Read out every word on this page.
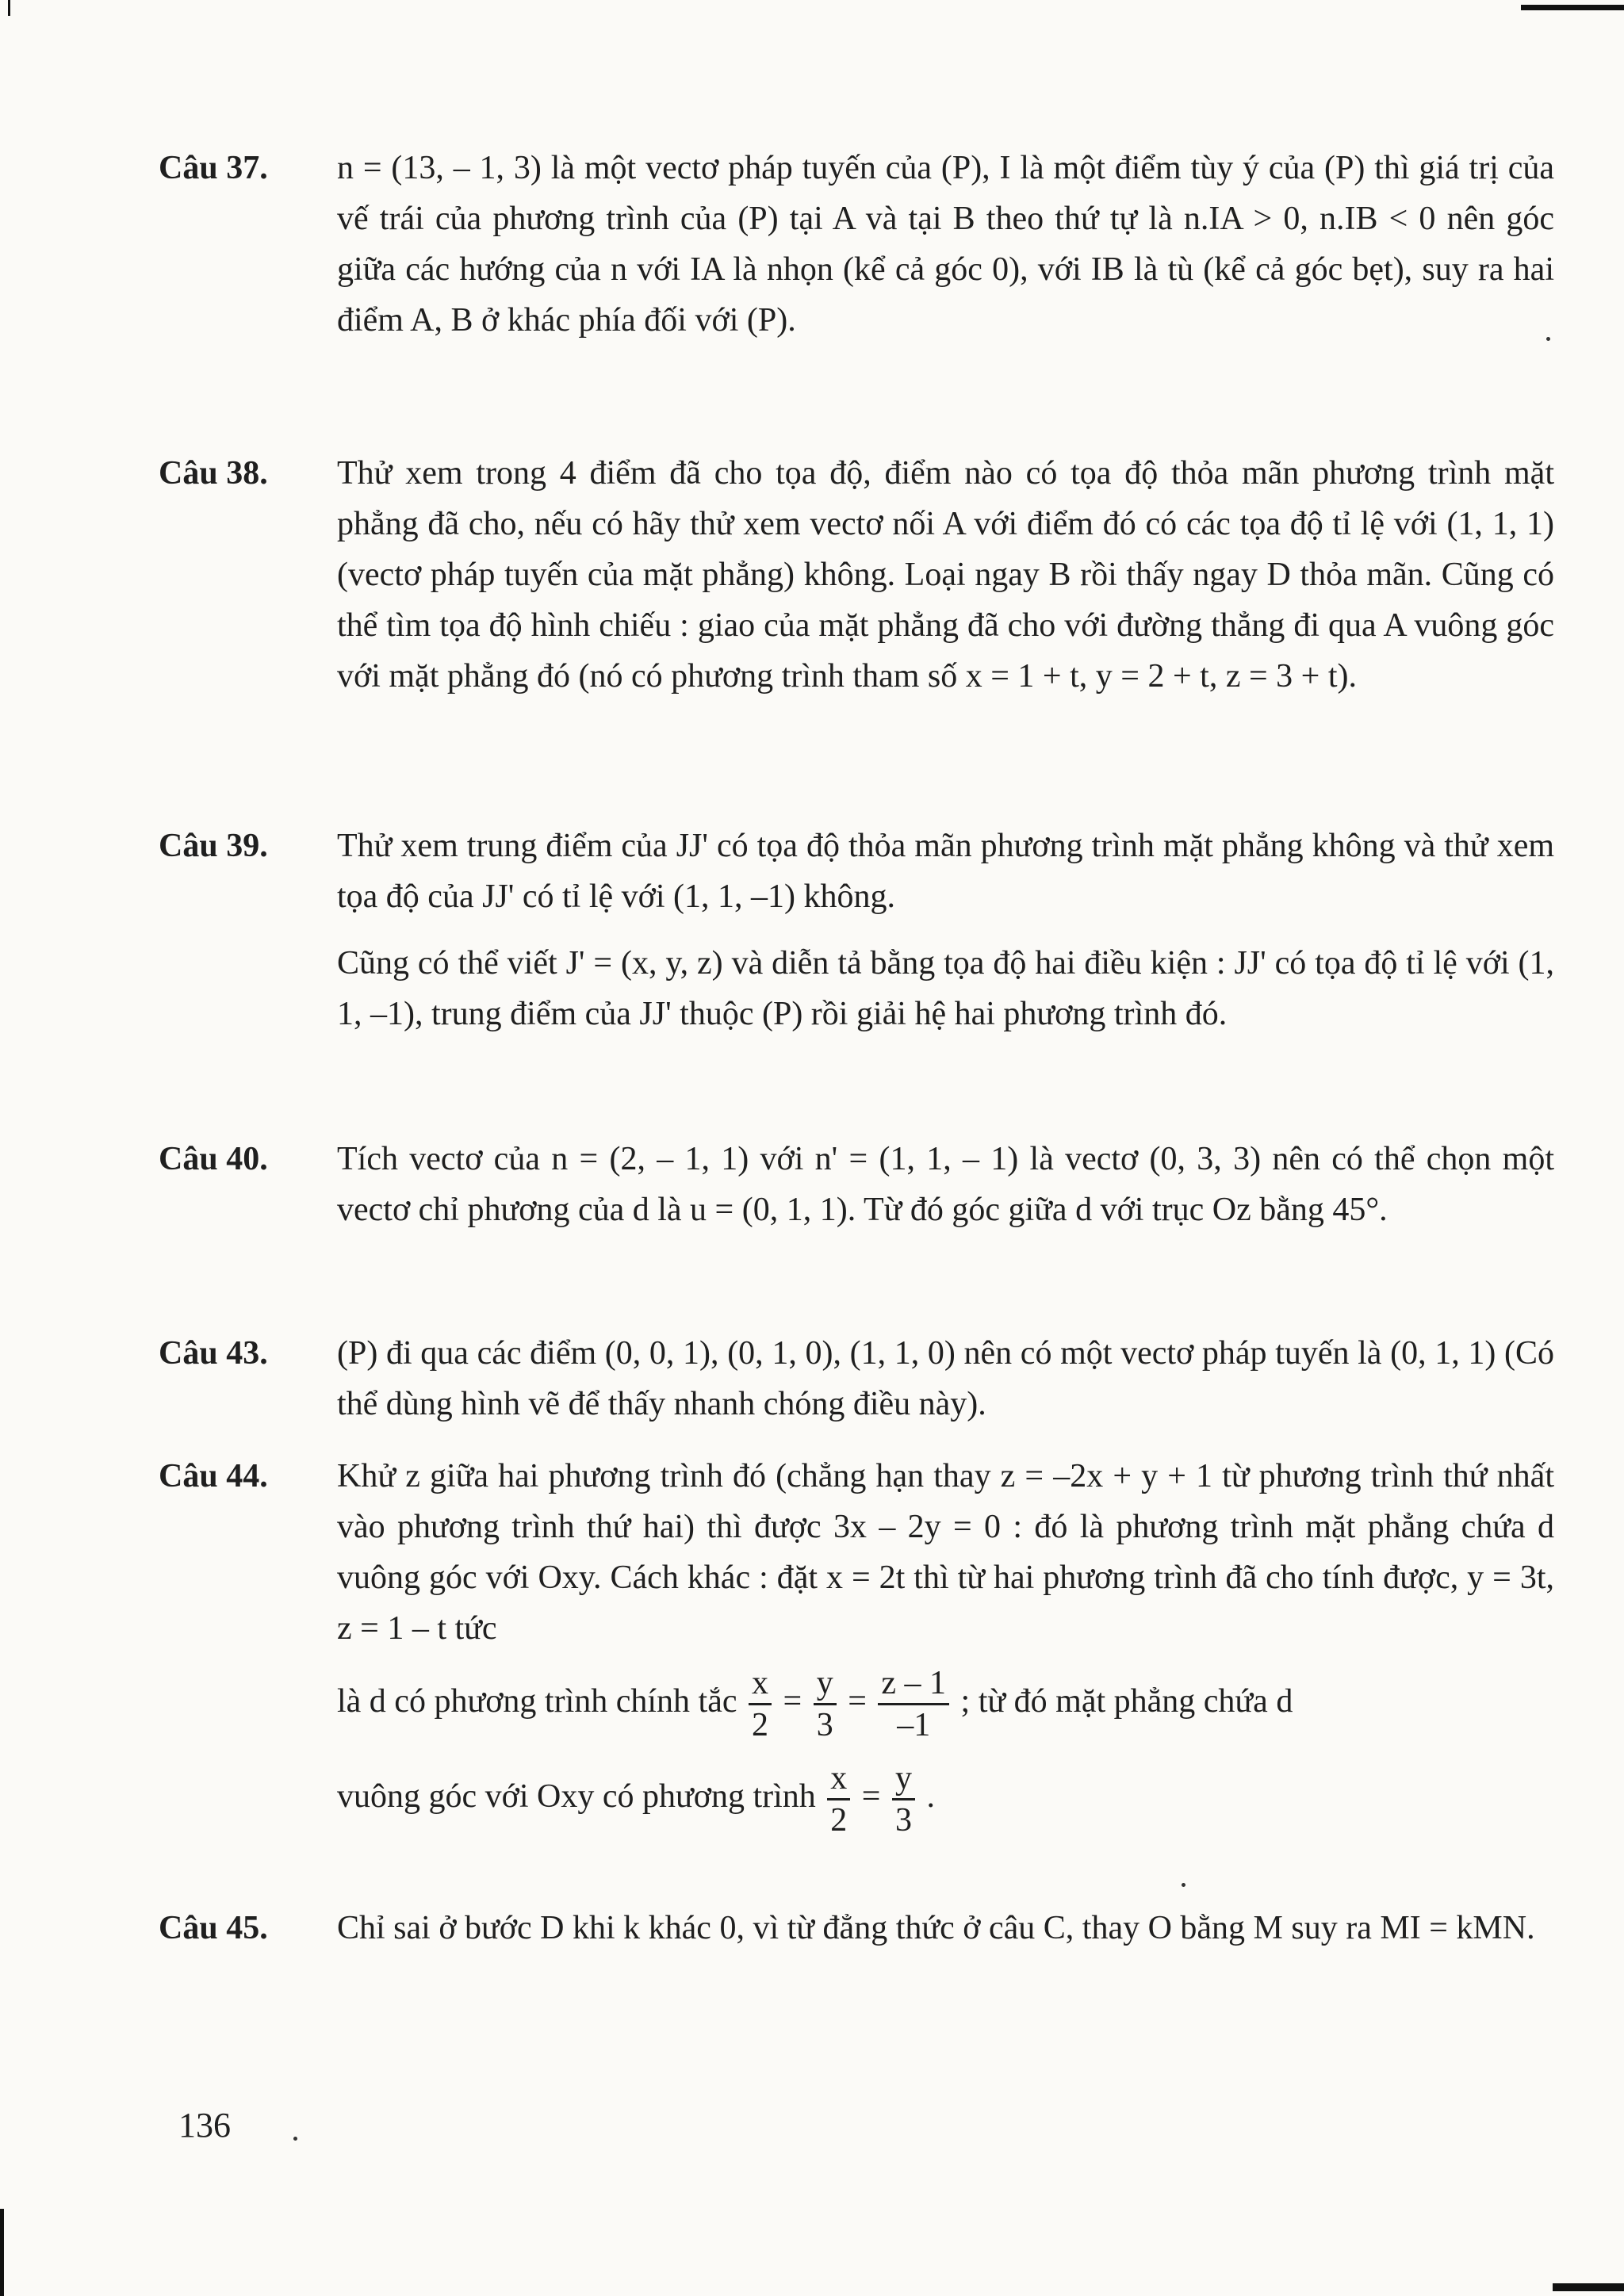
Câu 37.	n = (13, – 1, 3) là một vectơ pháp tuyến của (P), I là một điểm tùy ý của (P) thì giá trị của vế trái của phương trình của (P) tại A và tại B theo thứ tự là n.IA > 0, n.IB < 0 nên góc giữa các hướng của n với IA là nhọn (kể cả góc 0), với IB là tù (kể cả góc bẹt), suy ra hai điểm A, B ở khác phía đối với (P).

Câu 38.	Thử xem trong 4 điểm đã cho tọa độ, điểm nào có tọa độ thỏa mãn phương trình mặt phẳng đã cho, nếu có hãy thử xem vectơ nối A với điểm đó có các tọa độ tỉ lệ với (1, 1, 1) (vectơ pháp tuyến của mặt phẳng) không. Loại ngay B rồi thấy ngay D thỏa mãn. Cũng có thể tìm tọa độ hình chiếu : giao của mặt phẳng đã cho với đường thẳng đi qua A vuông góc với mặt phẳng đó (nó có phương trình tham số x = 1 + t, y = 2 + t, z = 3 + t).

Câu 39.	Thử xem trung điểm của JJ' có tọa độ thỏa mãn phương trình mặt phẳng không và thử xem tọa độ của JJ' có tỉ lệ với (1, 1, –1) không.

Cũng có thể viết J' = (x, y, z) và diễn tả bằng tọa độ hai điều kiện : JJ' có tọa độ tỉ lệ với (1, 1, –1), trung điểm của JJ' thuộc (P) rồi giải hệ hai phương trình đó.

Câu 40.	Tích vectơ của n = (2, – 1, 1) với n' = (1, 1, – 1) là vectơ (0, 3, 3) nên có thể chọn một vectơ chỉ phương của d là u = (0, 1, 1). Từ đó góc giữa d với trục Oz bằng 45°.

Câu 43.	(P) đi qua các điểm (0, 0, 1), (0, 1, 0), (1, 1, 0) nên có một vectơ pháp tuyến là (0, 1, 1) (Có thể dùng hình vẽ để thấy nhanh chóng điều này).

Câu 44.	Khử z giữa hai phương trình đó (chẳng hạn thay z = –2x + y + 1 từ phương trình thứ nhất vào phương trình thứ hai) thì được 3x – 2y = 0 : đó là phương trình mặt phẳng chứa d vuông góc với Oxy. Cách khác : đặt x = 2t thì từ hai phương trình đã cho tính được, y = 3t, z = 1 – t tức

là d có phương trình chính tắc $\frac{x}{2} = \frac{y}{3} = \frac{z - 1}{-1}$ ; từ đó mặt phẳng chứa d
vuông góc với Oxy có phương trình $\frac{x}{2} = \frac{y}{3}$ .
Câu 45.	Chỉ sai ở bước D khi k khác 0, vì từ đẳng thức ở câu C, thay O bằng M suy ra MI = kMN.

136
